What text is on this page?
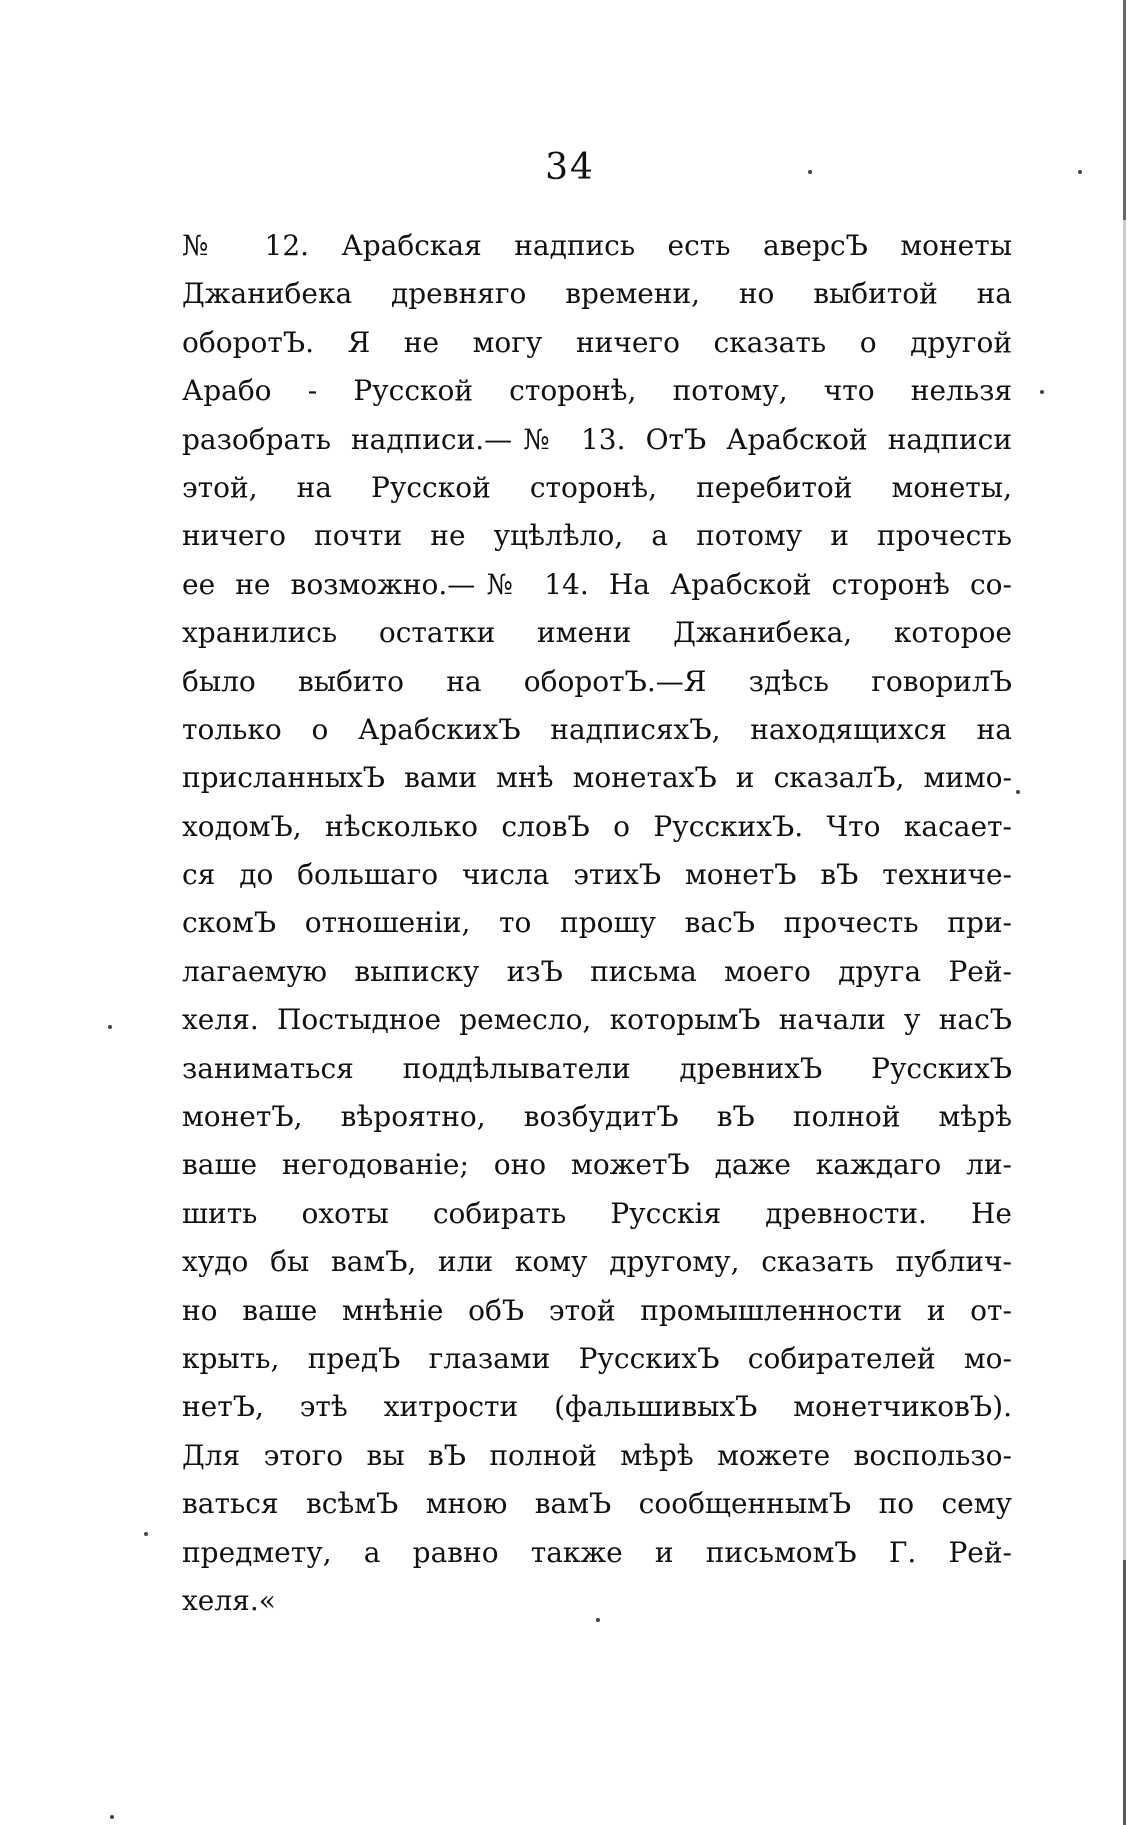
34
№ 12. Арабская надпись есть аверсЪ монеты
Джанибека древняго времени, но выбитой на
оборотЪ. Я не могу ничего сказать о другой
Арабо - Русской сторонѣ, потому, что нельзя
разобрать надписи.—№ 13. ОтЪ Арабской надписи
этой, на Русской сторонѣ, перебитой монеты,
ничего почти не уцѣлѣло, а потому и прочесть
ее не возможно.—№ 14. На Арабской сторонѣ со-
хранились остатки имени Джанибека, которое
было выбито на оборотЪ.—Я здѣсь говорилЪ
только о АрабскихЪ надписяхЪ, находящихся на
присланныхЪ вами мнѣ монетахЪ и сказалЪ, мимо-
ходомЪ, нѣсколько словЪ о РусскихЪ. Что касает-
ся до большаго числа этихЪ монетЪ вЪ техниче-
скомЪ отношеніи, то прошу васЪ прочесть при-
лагаемую выписку изЪ письма моего друга Рей-
хеля. Постыдное ремесло, которымЪ начали у насЪ
заниматься поддѣлыватели древнихЪ РусскихЪ
монетЪ, вѣроятно, возбудитЪ вЪ полной мѣрѣ
ваше негодованіе; оно можетЪ даже каждаго ли-
шить охоты собирать Русскія древности. Не
худо бы вамЪ, или кому другому, сказать публич-
но ваше мнѣніе обЪ этой промышленности и от-
крыть, предЪ глазами РусскихЪ собирателей мо-
нетЪ, этѣ хитрости (фальшивыхЪ монетчиковЪ).
Для этого вы вЪ полной мѣрѣ можете воспользо-
ваться всѣмЪ мною вамЪ сообщеннымЪ по сему
предмету, а равно также и письмомЪ Г. Рей-
хеля.«
